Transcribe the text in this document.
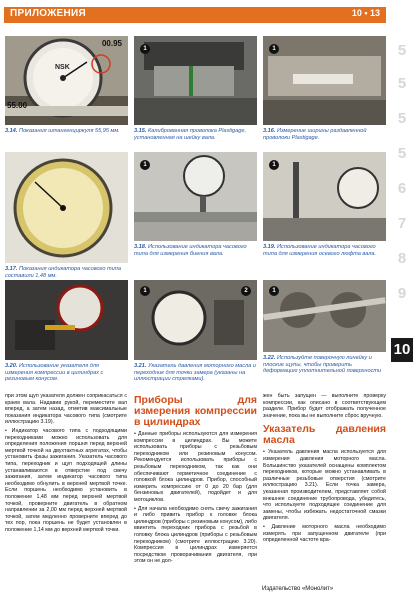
ПРИЛОЖЕНИЯ	10 • 13
5
5
5
5
6
7
8
9
10
NSK
00.95
55.00
3.14. Показания штангенциркуля 55,95 мм.
1
3.15. Калиброванная проволока Plastigage, установленная на шейку вала.
1
3.16. Измерение ширины раздавленной проволоки Plastigage.
3.17. Показания индикатора часового типа составили 1,48 мм.
1
3.18. Использование индикатора часового типа для измерения биения вала.
1
3.19. Использование индикатора часового типа для измерения осевого люфта вала.
3.20. Использование указателя для измерения компрессии в цилиндрах с резиновым конусом.
1	2
3.21. Указатель давления моторного масла и переходник для точки замера (указаны на иллюстрации стрелками).
1
3.22. Используйте поверочную линейку и плоские щупы, чтобы проверить деформацию уплотнительной поверхности

при этом щуп указателя должен соприкасаться с краем вала. Надавив рукой, переместите вал вперед, а затем назад, отметив максимальные показания индикатора часового типа (смотрите иллюстрацию 3.19).

• Индикатор часового типа с подходящими переходниками можно использовать для определения положения поршня перед верхней мертвой точкой на двухтактных агрегатах, чтобы установить фазы зажигания. Указатель часового типа, переходник и щуп подходящей длины устанавливаются в отверстие под свечу зажигания, затем индикатор часового типа необходимо обнулить в верхней мертвой точке. Если поршень необходимо установить в положение 1,48 мм перед верхней мертвой точкой, проверните двигатель в обратном направлении за 2,00 мм перед верхней мертвой точкой, затем медленно проверните вперед до тех пор, пока поршень не будет установлен в положение 1,14 мм до верхней мертвой точки.

Приборы для измерения компрессии в цилиндрах

• Данные приборы используются для измерения компрессии в цилиндрах. Вы можете использовать приборы с резьбовым переходником или резиновым конусом. Рекомендуется использовать приборы с резьбовым переходником, так как они обеспечивают герметичное соединение с головкой блока цилиндров. Прибор, способный измерить компрессию от 0 до 20 бар (для бензиновых двигателей), подойдет и для мотоциклов.

• Для начала необходимо снять свечу зажигания и либо привить прибор к головке блока цилиндров (приборы с резиновым конусом), либо ввинтить переходник прибора с резьбой в головку блока цилиндров (приборы с резьбовым переходником) (смотрите иллюстрацию 3.20). Компрессия в цилиндрах измеряется посредством проворачивания двигателя, при этом он не дол-

жен быть запущен — выполните проверку компрессии, как описано в соответствующем разделе. Прибор будет отображать полученное значение, пока вы не выполните сброс вручную.

Указатель давления масла

• Указатель давления масла используется для измерения давления моторного масла. Большинство указателей оснащены комплектом переходников, которые можно устанавливать в различные резьбовые отверстия (смотрите иллюстрацию 3.21). Если точка замера, указанная производителем, представляет собой внешнее соединение трубопровода, убедитесь, что используете подходящее соединение для замены, чтобы избежать недостаточной смазки двигателя.

• Давление моторного масла необходимо измерять при запущенном двигателе (при определенной частоте вра-

Издательство «Монолит»
